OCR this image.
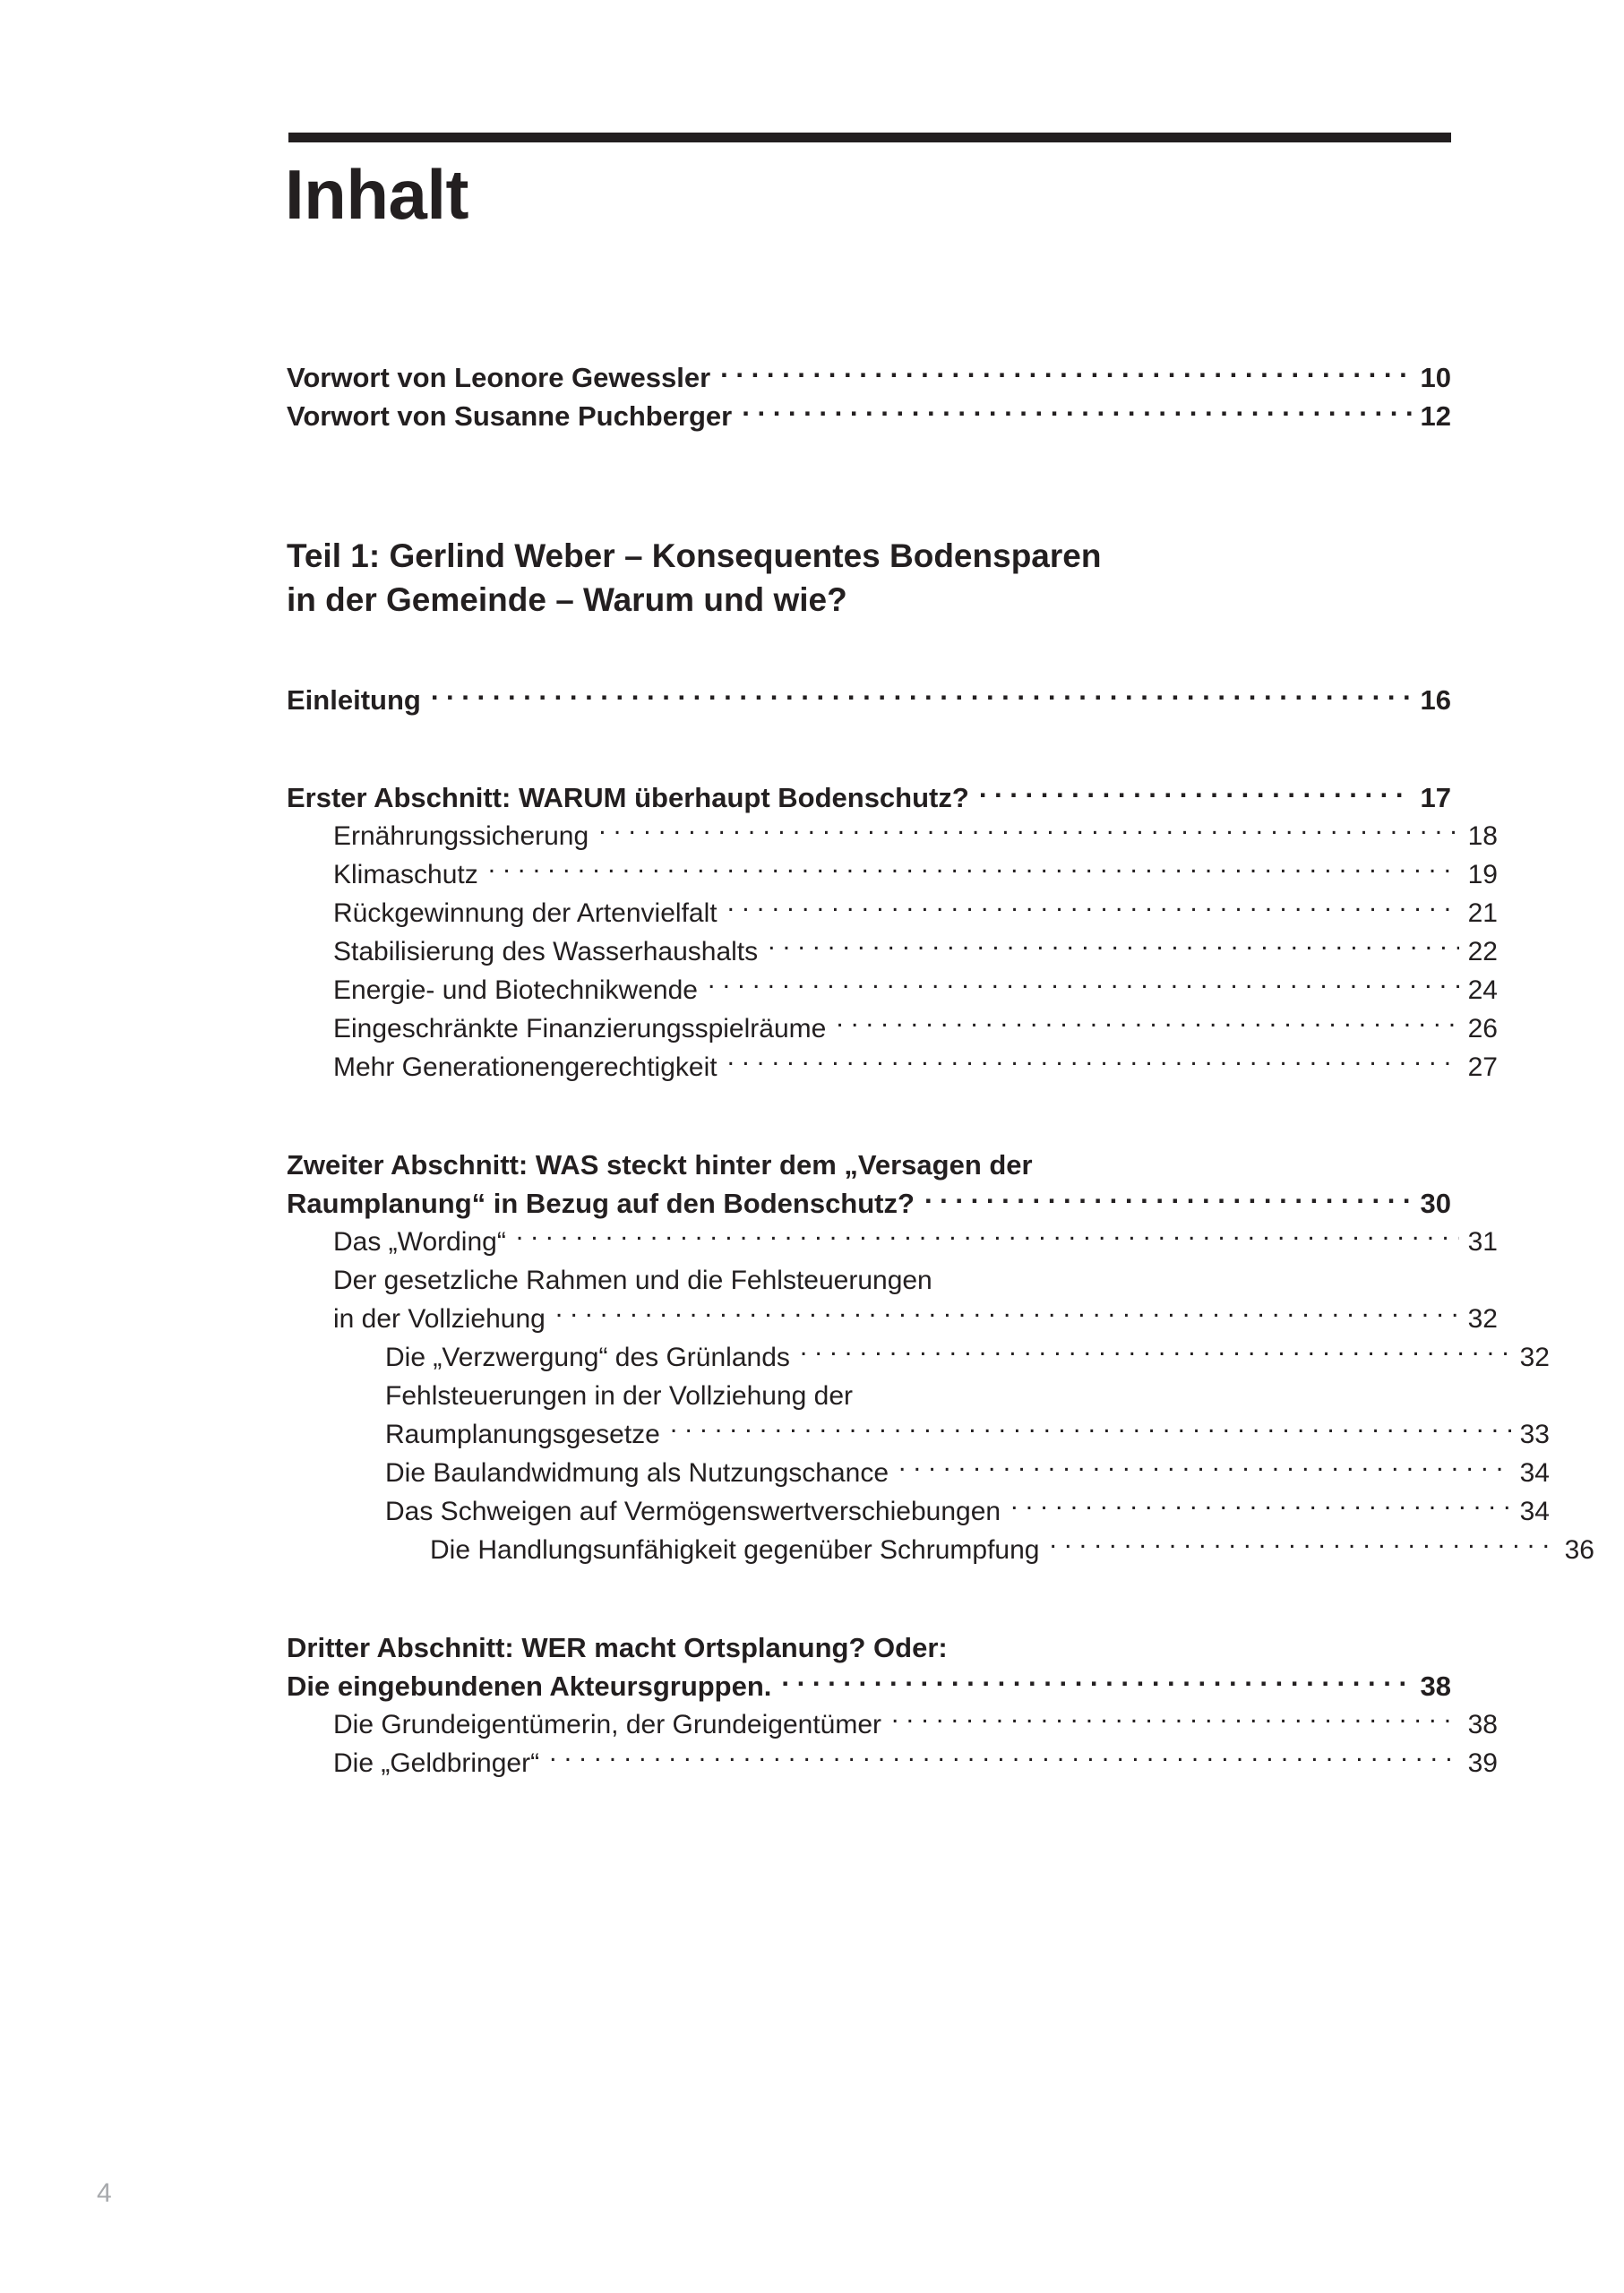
Inhalt
Vorwort von Leonore Gewessler . . .	10
Vorwort von Susanne Puchberger . . .	12
Teil 1: Gerlind Weber – Konsequentes Bodensparen
in der Gemeinde – Warum und wie?
Einleitung . . .	16
Erster Abschnitt: WARUM überhaupt Bodenschutz? . . .	17
Ernährungssicherung . . .	18
Klimaschutz . . .	19
Rückgewinnung der Artenvielfalt . . .	21
Stabilisierung des Wasserhaushalts . . .	22
Energie- und Biotechnikwende . . .	24
Eingeschränkte Finanzierungsspielräume . . .	26
Mehr Generationengerechtigkeit . . .	27
Zweiter Abschnitt: WAS steckt hinter dem „Versagen der
Raumplanung“ in Bezug auf den Bodenschutz? . . .	30
Das „Wording“ . . .	31
Der gesetzliche Rahmen und die Fehlsteuerungen
in der Vollziehung . . .	32
Die „Verzwergung“ des Grünlands . . .	32
Fehlsteuerungen in der Vollziehung der
Raumplanungsgesetze . . .	33
Die Baulandwidmung als Nutzungschance . . .	34
Das Schweigen auf Vermögenswertverschiebungen . . .	34
Die Handlungsunfähigkeit gegenüber Schrumpfung . . .	36
Dritter Abschnitt: WER macht Ortsplanung? Oder:
Die eingebundenen Akteursgruppen. . . .	38
Die Grundeigentümerin, der Grundeigentümer . . .	38
Die „Geldbringer“ . . .	39
4
